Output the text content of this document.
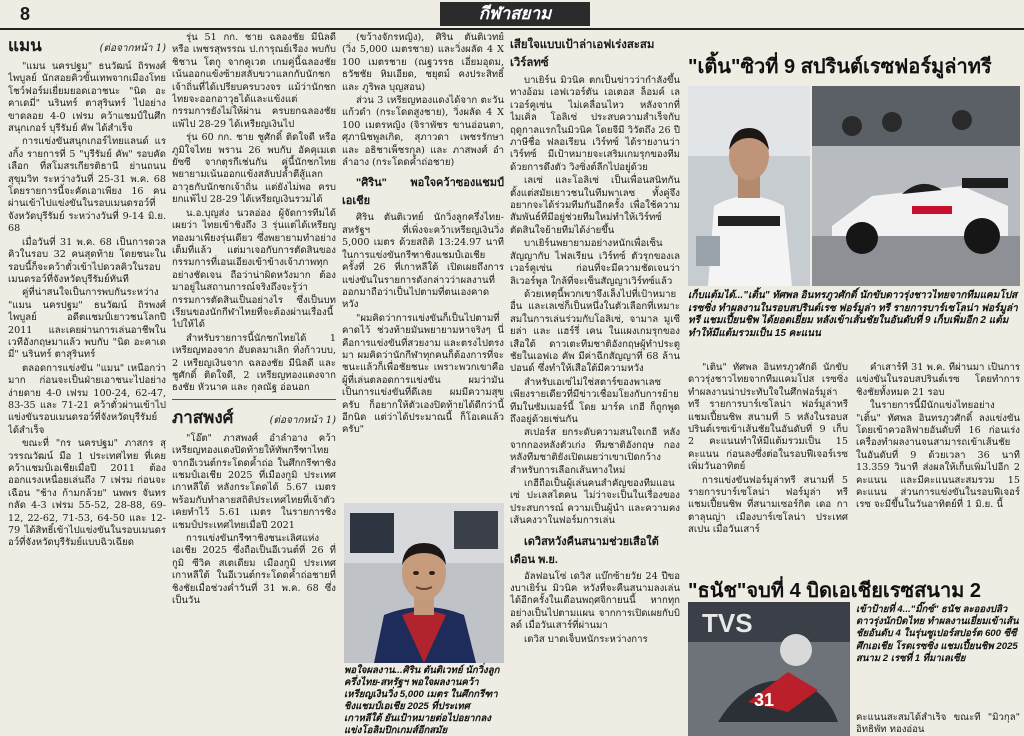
8	กีฬาสยาม
แมน	(ต่อจากหน้า 1)

"แมน นครปฐม" ธนวัฒน์ ถิรพงศ์ไพบูลย์ นักสอยคิวขั้นเทพจากเมืองโทย โชว์ฟอร์มเยี่ยมยอดเอาชนะ "นิด อะคาเดมี่" นรินทร์ ตาสุรินทร์ ไปอย่างขาดลอย 4-0 เฟรม คว้าแชมป์ในศึกสนุกเกอร์ บุรีรัมย์ คัพ ได้สำเร็จ

การแข่งขันสนุกเกอร์ไทยแลนด์ แรงกิ้ง รายการที่ 5 "บุรีรัมย์ คัพ" รอบคัดเลือก ที่สโมสรเกียรติธานี ย่านถนนสุขุมวิท ระหว่างวันที่ 25-31 พ.ค. 68 โดยรายการนี้จะคัดเอาเพียง 16 คนผ่านเข้าไปแข่งขันในรอบเมนดรอว์ที่จังหวัดบุรีรัมย์ ระหว่างวันที่ 9-14 มิ.ย. 68

เมื่อวันที่ 31 พ.ค. 68 เป็นการดวลคิวในรอบ 32 คนสุดท้าย โดยชนะในรอบนี้ก็จะคว้าตั๋วเข้าไปดวลคิวในรอบเมนดรอว์ที่จังหวัดบุรีรัมย์ทันที

คู่ที่น่าสนใจเป็นการพบกันระหว่าง "แมน นครปฐม" ธนวัฒน์ ถิรพงศ์ไพบูลย์ อดีตแชมป์เยาวชนโลกปี 2011 และเคยผ่านการเล่นอาชีพในเวทีอังกฤษมาแล้ว พบกับ "นิด อะคาเดมี่" นรินทร์ ตาสุรินทร์

ตลอดการแข่งขัน "แมน" เหนือกว่ามาก ก่อนจะเป็นฝ่ายเอาชนะไปอย่างง่ายดาย 4-0 เฟรม 100-24, 62-47, 83-35 และ 71-21 คว้าตั๋วผ่านเข้าไปแข่งขันรอบเมนดรอว์ที่จังหวัดบุรีรัมย์ได้สำเร็จ

ขณะที่ "กร นครปฐม" ภาสกร สุวรรณวัฒน์ มือ 1 ประเทศไทย ที่เคยคว้าแชมป์เอเชียเมื่อปี 2011 ต้องออกแรงเหนื่อยเล่นถึง 7 เฟรม ก่อนจะเฉือน "ช้าง ก้ามกล้วย" นพพร จันทรกลัด 4-3 เฟรม 55-52, 28-88, 69-12, 22-62, 71-53, 64-50 และ 12-79 ได้สิทธิ์เข้าไปแข่งขันในรอบเมนดรอว์ที่จังหวัดบุรีรัมย์แบบฉิวเฉียด

รุ่น 51 กก. ชาย ฉลองชัย มีนิลดี หรือ เพชรสุพรรณ ป.การุณย์เรือง พบกับ ชิชาน โตกู จากคูเวต เกมคู่นี้ฉลองชัยเน้นออกแข้งซ้ายสลับขวาแลกกับนักชกเจ้าถิ่นที่ได้เปรียบครบวงจร แม้ว่านักชกไทยจะออกอาวุธได้และแข้งแต่กรรมการยังไม่ให้ผ่าน ครบยกฉลองชัยแพ้ไป 28-29 ได้เหรียญเงินไป

รุ่น 60 กก. ชาย ชูศักดิ์ ติดใจดี หรือ ภูมิใจไทย พราน 26 พบกับ อัคคุเมเต ยัซซี จากตุรกีเช่นกัน คู่นี้นักชกไทยพยายามเน้นออกแข้งสลับปล้ำตีสู้แลกอาวุธกับนักชกเจ้าถิ่น แต่ยังไม่พอ ครบยกแพ้ไป 28-29 ได้เหรียญเงินรวมได้

น.อ.บุญส่ง นวลอ่อง ผู้จัดการทีมได้เผยว่า ไทยเข้าชิงถึง 3 รุ่นแต่ได้เหรียญทองมาเพียงรุ่นเดียว ซึ่งพยายามทำอย่างเต็มที่แล้ว แต่มาเจอกับการตัดสินของกรรมการที่เอนเอียงเข้าข้างเจ้าภาพทุกอย่างชัดเจน ถือว่าน่าผิดหวังมาก ต้องมาอยู่ในสถานการณ์จริงถึงจะรู้ว่ากรรมการตัดสินเป็นอย่างไร ซึ่งเป็นบทเรียนของนักกีฬาไทยที่จะต้องผ่านเรื่องนี้ไปให้ได้

สำหรับรายการนี้นักชกไทยได้ 1 เหรียญทองจาก อับดลมาเลิก ทิ่งก้าวบบ, 2 เหรียญเงินจาก ฉลองชัย มีนิลดี และ ชูศักดิ์ ติดใจดี, 2 เหรียญทองแดงจาก ธงชัย หัวนาค และ กุลณัฐ อ่อนอก

ภาสพงศ์	(ต่อจากหน้า 1)

"โอ๊ต" ภาสพงศ์ อำลำอาง คว้าเหรียญทองแดงปิดท้ายให้ทัพกรีฑาไทยจากอีเวนต์กระโดดค้ำถ่อ ในศึกกรีฑาชิงแชมป์เอเชีย 2025 ที่เมืองกูมิ ประเทศเกาหลีใต้ หลังกระโดดได้ 5.67 เมตร พร้อมกับทำลายสถิติประเทศไทยที่เจ้าตัวเคยทำไว้ 5.61 เมตร ในรายการชิงแชมป์ประเทศไทยเมื่อปี 2021

การแข่งขันกรีฑาชิงชนะเลิศแห่งเอเชีย 2025 ซึ่งถือเป็นอีเวนต์ที่ 26 ที่ กูมิ ซีวิค สเตเดียม เมืองกูมิ ประเทศเกาหลีใต้ ในอีเวนต์กระโดดค้ำถ่อชายที่ชิงชัยเมื่อช่วงค่ำวันที่ 31 พ.ค. 68 ซึ่งเป็นวัน

(ขว้างจักรหญิง), ศิริน ตันติเวทย์ (วิ่ง 5,000 เมตรชาย) และวิ่งผลัด 4 X 100 เมตรชาย (ณฐวรรธ เอี่ยมอุดม, ธวัชชัย หิมเอียด, ชยุตม์ คงประสิทธิ์ และ ภูริพล บุญสอน)

ส่วน 3 เหรียญทองแดงได้จาก ตะวัน แก้วดำ (กระโดดสูงชาย), วิ่งผลัด 4 X 100 เมตรหญิง (จิราพัชร ขานอ่อนตา, ศุภานิชพูลเกิด, สุภาวดา เพชรรักษา และ อธิชาเพ็ชรกุล) และ ภาสพงศ์ อำลำอาง (กระโดดค้ำถ่อชาย)

"ศิริน" พอใจคว้าซองแชมป์เอเชีย

ศิริน ตันติเวทย์ นักวิ่งลูกครึ่งไทย-สหรัฐฯ ที่เพิ่งจะคว้าเหรียญเงินวิ่ง 5,000 เมตร ด้วยสถิติ 13:24.97 นาที ในการแข่งขันกรีฑาชิงแชมป์เอเชีย ครั้งที่ 26 ที่เกาหลีใต้ เปิดเผยถึงการแข่งขันในรายการดังกล่าวว่าผลงานที่ออกมาถือว่าเป็นไปตามที่ตนเองคาดหวัง

"ผมคิดว่าการแข่งขันก็เป็นไปตามที่คาดไว้ ช่วงท้ายมันพยายามหาจริงๆ นี่คือการแข่งขันที่สวยงาม และตรงไปตรงมา ผมคิดว่านักกีฬาทุกคนก็ต้องการที่จะชนะแล้วก็เพื่อชัยชนะ เพราะพวกเขาคือผู้ที่เล่นตลอดการแข่งขัน ผมว่ามันเป็นการแข่งขันที่ดีเลย ผมมีความสุขครับ ก็อยากให้ตัวเองปิดท้ายได้ดีกว่านี้อีกนิด แต่ว่าได้ประมาณนี้ ก็โอเคแล้วครับ"

พอใจผลงาน...ศิริน ตันติเวทย์ นักวิ่งลูกครึ่งไทย-สหรัฐฯ พอใจผลงานคว้าเหรียญเงินวิ่ง 5,000 เมตร ในศึกกรีฑาชิงแชมป์เอเชีย 2025 ที่ประเทศเกาหลีใต้ ยันเป้าหมายต่อไปอยากลงแข่งโอลิมปิกเกมส์อีกสมัย
เสียใจแบบเป้าล่าเอฟเร่งสะสมเวิร์ลทซ์

บาเยิร์น มิวนิค ตกเป็นข่าวว่ากำลังขึ้นทางอ้อม เอฟเวอร์ตัน เอเตอส ล็อมค์ เลเวอร์คูเซ่น ไม่เคลื่อนไหว หลังจากที่ ไมเคิ่ล โอลิเซ่ ประสบความสำเร็จกับฤดูกาลแรกในมิวนิค โดยจีมี วิวัตถึง 26 ปี ภาษีชื่อ ฟลอเรียน เวิร์ทซ์ ได้รายงานว่า เวิร์ทซ์ มีเป้าหมายจะเสริมเกมรุกของทีมด้วยการดึงตัว วิงซิ่งต์ลีกไปอยู่ด้วย

เลเซ่ และโอลิเซ่ เป็นเพื่อนสนิทกันตั้งแต่สมัยเยาวชนในทีมพาเลซ ทั้งคู่จึงอยากจะได้ร่วมทีมกันอีกครั้ง เพื่อใช้ความสัมพันธ์ที่มีอยู่ช่วยทีมใหม่ทำให้เวิร์ทซ์ตัดสินใจย้ายทีมได้ง่ายขึ้น

บาเยิร์นพยายามอย่างหนักเพื่อเซ็นสัญญากับ ไฟลเรียน เวิร์ทซ์ ตัวรุกของเลเวอร์คูเซ่น ก่อนที่จะมีความชัดเจนว่าลิเวอร์พูล ใกล้ที่จะเซ็นสัญญาเวิร์ทซ์แล้ว

ด้วยเหตุนี้พวกเขาจึงเล็งไปที่เป้าหมายอื่น และเลเซ่ก็เป็นหนึ่งในตัวเลือกที่เหมาะสมในการเล่นร่วมกับโอลิเซ่, จามาล มูเซียล่า และ แฮร์รี่ เคน ในแผงเกมรุกของเสือใต้ ดาวเตะทีมชาติอังกฤษผู้ทำประตูชัยในเอฟเอ คัพ มีค่าฉีกสัญญาที่ 68 ล้านปอนด์ ซึ่งทำให้เสือใต้มีความหวัง

สำหรับเอเซ่ไม่ใช่สตาร์ของพาเลซเพียงรายเดียวที่มีข่าวเชื่อมโยงกับการย้ายทีมในซัมเมอร์นี้ โดย มาร์ค เกฮี ก็ถูกพูดถึงอยู่ด้วยเช่นกัน

สเปอร์ส ยกระดับความสนใจเกฮี หลังจากกองหลังตัวเก่ง ทีมชาติอังกฤษ กองหลังทีมชาติยังเปิดเผยว่าเขาเปิดกว้างสำหรับการเลือกเส้นทางใหม่

เกฮีถือเป็นผู้เล่นคนสำคัญของทีมแอนเซ่ ปะเลสไตคน ไม่ว่าจะเป็นในเรื่องของประสบการณ์ ความเป็นผู้นำ และความคงเส้นคงวาในฟอร์มการเล่น

เดวิสหวังคืนสนามช่วยเสือใต้เดือน พ.ย.

อัลฟอนโซ่ เดวิส แบ๊กซ้ายวัย 24 ปีของบาเยิร์น มิวนิค หวังที่จะคืนสนามลงเล่นได้อีกครั้งในเดือนพฤศจิกายนนี้ หากทุกอย่างเป็นไปตามแผน จากการเปิดเผยกับบิลด์ เมื่อวันเสาร์ที่ผ่านมา

เดวิส บาดเจ็บหนักระหว่างการ

"เติ้น"ซิวที่ 9 สปรินต์เรซฟอร์มูล่าทรี
เก็บแต้มได้..."เติ้น" ทัศพล อินทรภูวศักดิ์ นักขับดาวรุ่งชาวไทยจากทีมแคมโปส เรซซิ่ง ทำผลงานในรอบสปรินต์เรซ ฟอร์มูล่า ทรี รายการบาร์เซโลน่า ฟอร์มูล่า ทรี แชมเปี้ยนชิพ ได้ยอดเยี่ยม หลังเข้าเส้นชัยในอันดับที่ 9 เก็บเพิ่มอีก 2 แต้ม ทำให้มีแต้มรวมเป็น 15 คะแนน

"เติ้น" ทัศพล อินทรภูวศักดิ์ นักขับดาวรุ่งชาวไทยจากทีมแคมโปส เรซซิ่ง ทำผลงานน่าประทับใจในศึกฟอร์มูล่าทรี รายการบาร์เซโลน่า ฟอร์มูล่าทรี แชมเปี้ยนชิพ สนามที่ 5 หลังในรอบสปรินต์เรซเข้าเส้นชัยในอันดับที่ 9 เก็บ 2 คะแนนทำให้มีแต้มรวมเป็น 15 คะแนน ก่อนลงซึ่งต่อในรอบฟีเจอร์เรซเพิ่มวันอาทิตย์

การแข่งขันฟอร์มูล่าทรี สนามที่ 5 รายการบาร์เซโลน่า ฟอร์มูล่า ทรี แชมเปี้ยนชิพ ที่สนามเซอร์กิต เดอ กาตาลุนญ่า เมืองบาร์เซโลน่า ประเทศสเปน เมื่อวันเสาร์

ค่ำเสาร์ที่ 31 พ.ค. ที่ผ่านมา เป็นการแข่งขันในรอบสปรินต์เรซ โดยทำการชิงชัยทั้งหมด 21 รอบ

ในรายการนี้มีนักแข่งไทยอย่าง "เติ้น" ทัศพล อินทรภูวศักดิ์ ลงแข่งขันโดยเข้าควอลิฟายอันดับที่ 16 ก่อนเร่งเครื่องทำผลงานจนสามารถเข้าเส้นชัยในอันดับที่ 9 ด้วยเวลา 36 นาที 13.359 วินาที ส่งผลให้เก็บเพิ่มไปอีก 2 คะแนน และมีคะแนนสะสมรวม 15 คะแนน ส่วนการแข่งขันในรอบฟีเจอร์เรซ จะมีขึ้นในวันอาทิตย์ที่ 1 มิ.ย. นี้

"ธนัช"จบที่ 4 บิดเอเชียเรซสนาม 2
TVS
31
เข้าป้ายที่ 4..."มิ๊กซ์" ธนัช ละอองปลิว ดาวรุ่งนักบิดไทย ทำผลงานเยี่ยมเข้าเส้นชัยอันดับ 4 ในรุ่นซูเปอร์สปอร์ต 600 ซีซี ศึกเอเชีย โรดเรซซิ่ง แชมเปี้ยนชิพ 2025 สนาม 2 เรซที่ 1 ที่มาเลเซีย

คะแนนสะสมได้สำเร็จ ขณะที่ "มิวกุล" อิทธิพัท ทองอ่อน
